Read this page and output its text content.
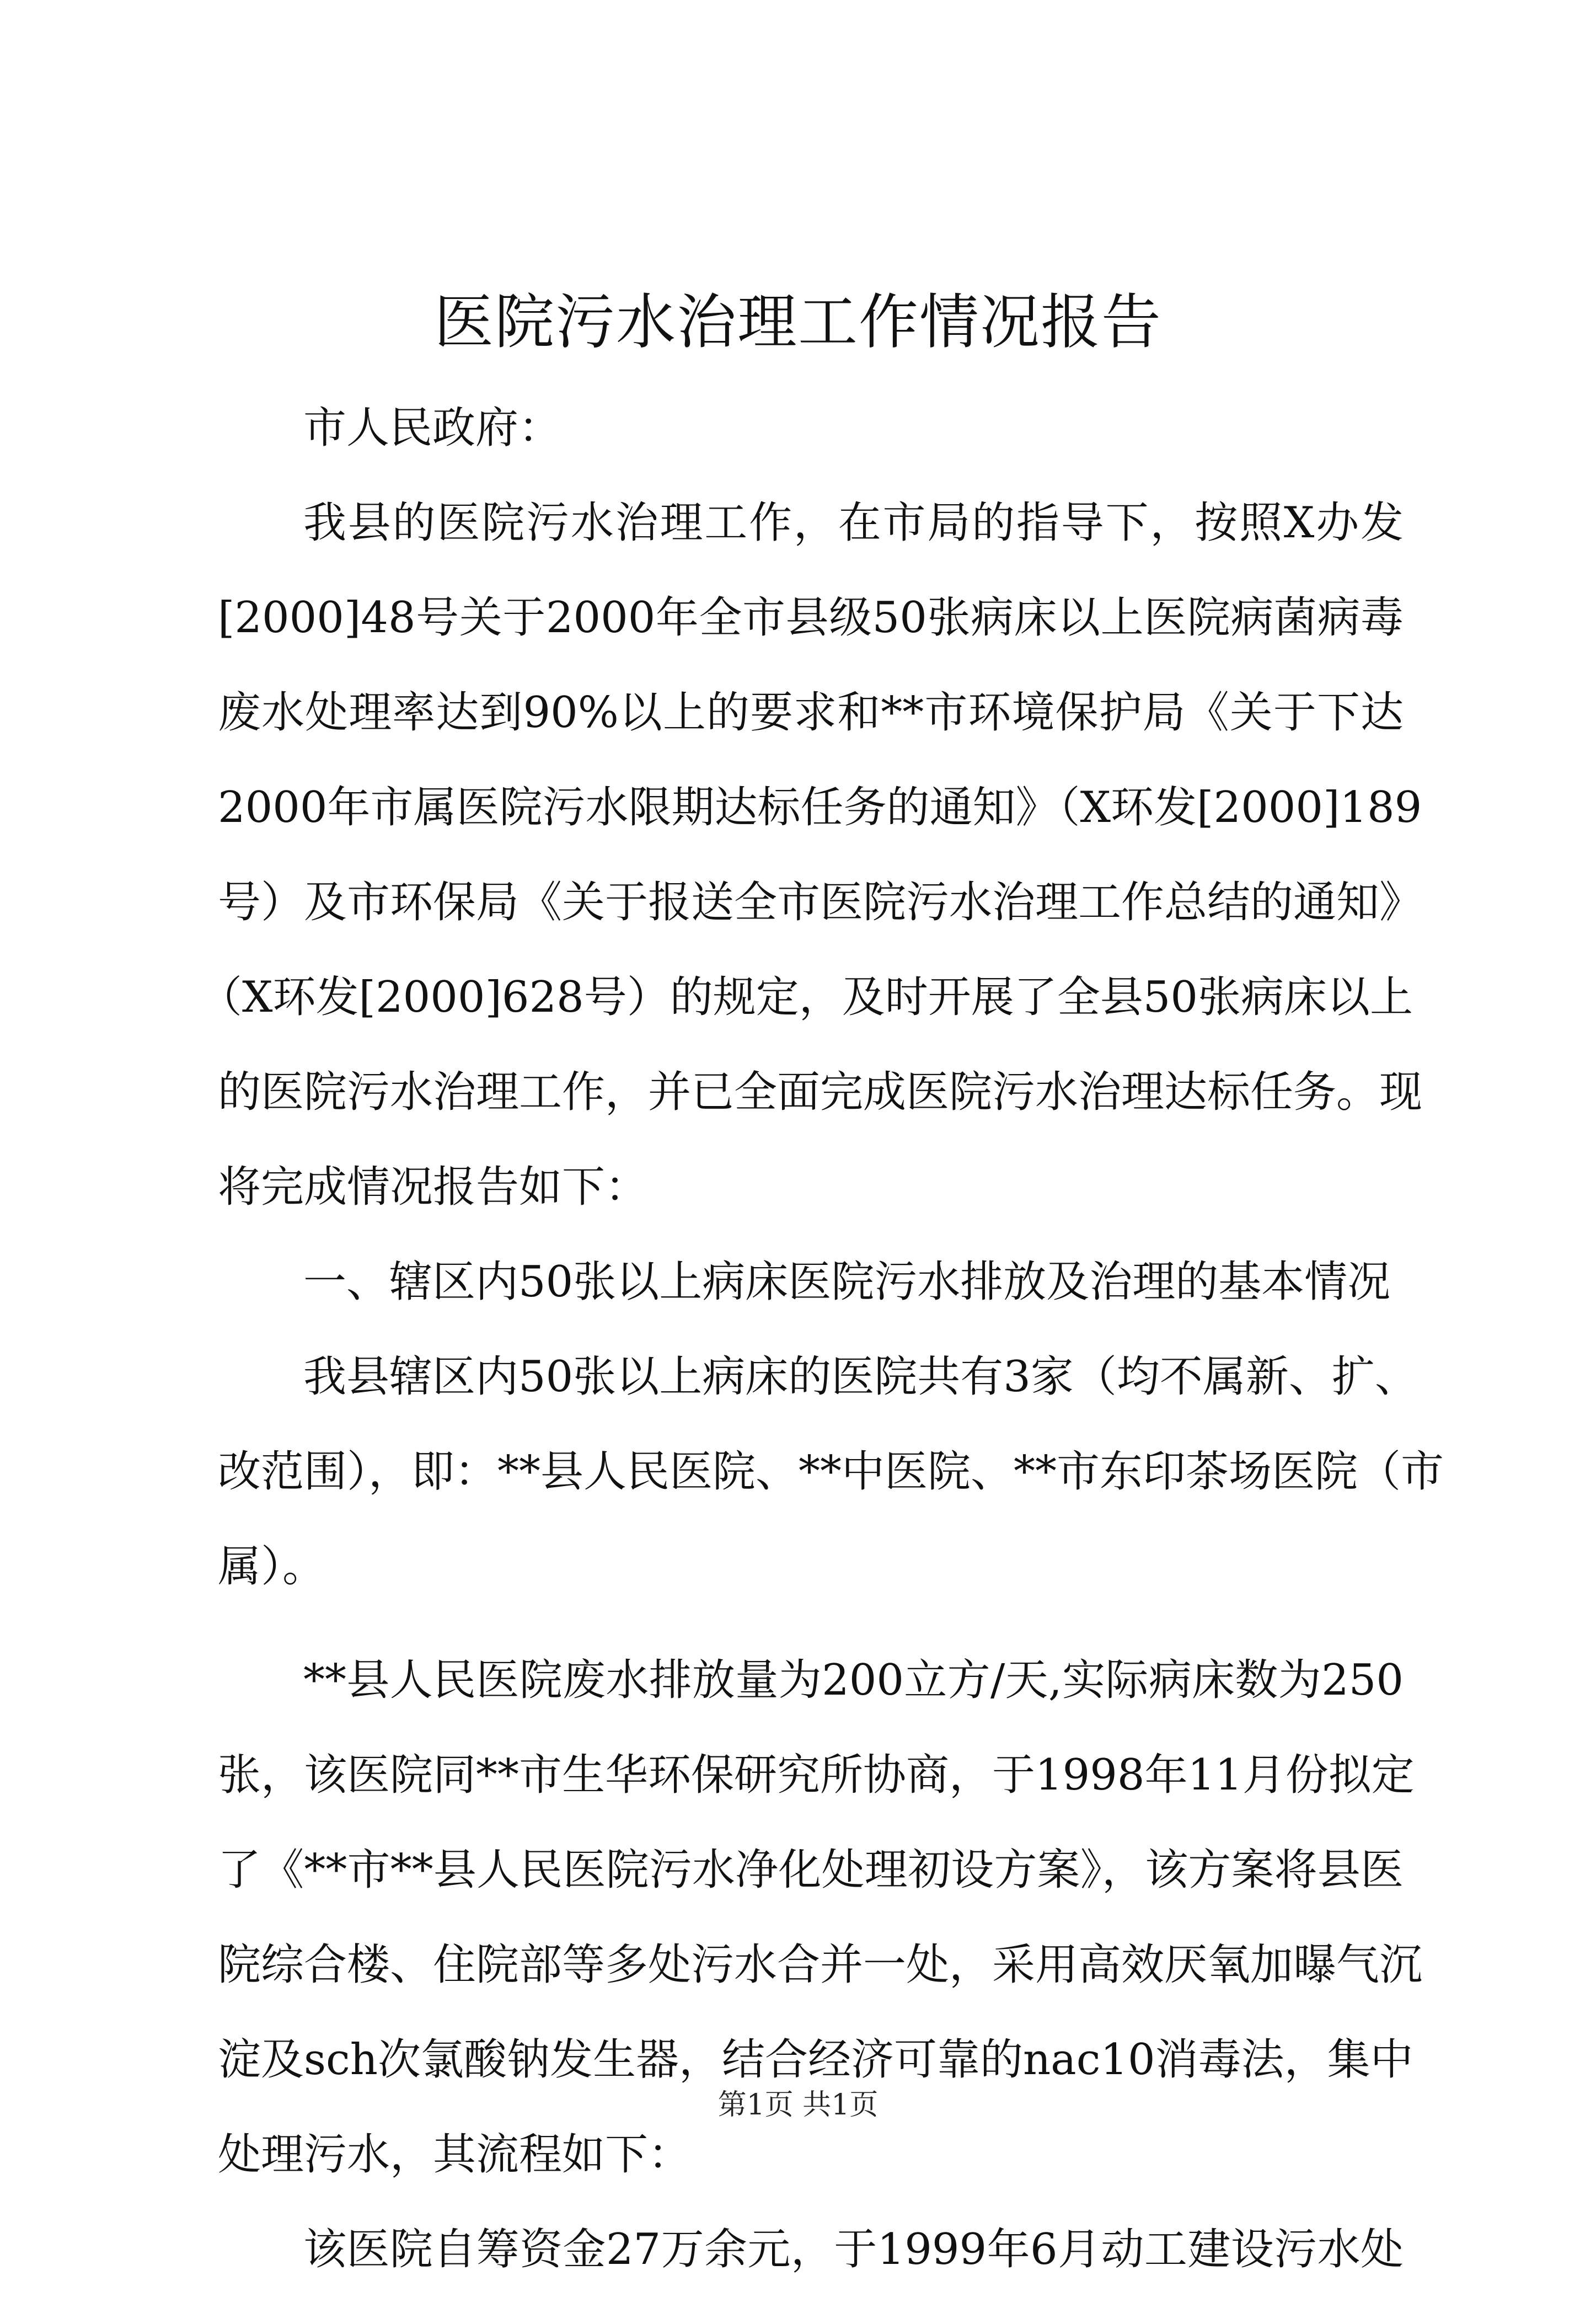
医院污水治理工作情况报告
市人民政府：
我县的医院污水治理工作，在市局的指导下，按照X办发
[2000]48号关于2000年全市县级50张病床以上医院病菌病毒
废水处理率达到90%以上的要求和**市环境保护局《关于下达
2000年市属医院污水限期达标任务的通知》（X环发[2000]189
号）及市环保局《关于报送全市医院污水治理工作总结的通知》
（X环发[2000]628号）的规定，及时开展了全县50张病床以上
的医院污水治理工作，并已全面完成医院污水治理达标任务。现
将完成情况报告如下：
一、辖区内50张以上病床医院污水排放及治理的基本情况
我县辖区内50张以上病床的医院共有3家（均不属新、扩、
改范围），即：**县人民医院、**中医院、**市东印茶场医院（市
属）。
**县人民医院废水排放量为200立方/天,实际病床数为250
张，该医院同**市生华环保研究所协商，于1998年11月份拟定
了《**市**县人民医院污水净化处理初设方案》，该方案将县医
院综合楼、住院部等多处污水合并一处，采用高效厌氧加曝气沉
淀及sch次氯酸钠发生器，结合经济可靠的nac10消毒法，集中
处理污水，其流程如下：
该医院自筹资金27万余元，于1999年6月动工建设污水处
第1页 共1页
